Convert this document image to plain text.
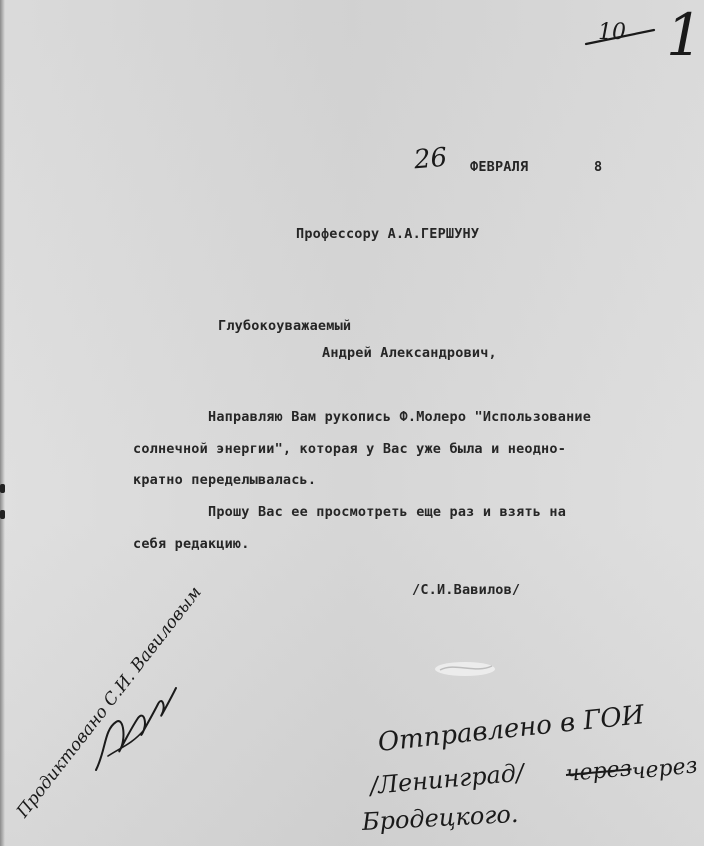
10 1
26 ФЕВРАЛЯ	8
Профессору А.А.ГЕРШУНУ
Глубокоуважаемый
Андрей Александрович,
Направляю Вам рукопись Ф.Молеро "Использование
солнечной энергии", которая у Вас уже была и неодно-
кратно переделывалась.
Прошу Вас ее просмотреть еще раз и взять на
себя редакцию.
/С.И.Вавилов/
Продиктовано С.И. Вавиловым	Отправлено в ГОИ
/Ленинград/ через
через
Бродецкого.
